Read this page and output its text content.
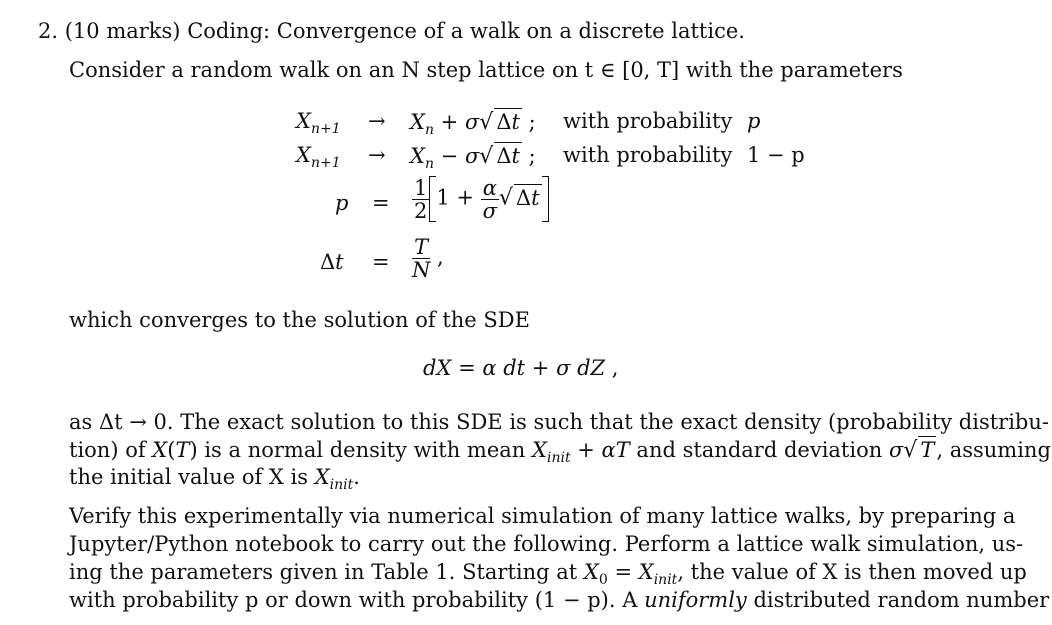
2. (10 marks) Coding: Convergence of a walk on a discrete lattice.
Consider a random walk on an N step lattice on t ∈ [0, T] with the parameters
$X_{n+1} \to X_n + \sigma√$ Δt ; with probability p
$X_{n+1} \to X_n - \sigma√$ Δt ; with probability 1 − p
$p = \frac{1}{2} 1 + \frac{\alpha}{\sigma}$ √ Δt
$\Delta t = \frac{T}{N}$ ,
which converges to the solution of the SDE
dX = α dt + σ dZ ,
as Δt → 0. The exact solution to this SDE is such that the exact density (probability distribu-
tion) of X(T) is a normal density with mean $X_{init} + \alpha T$ and standard deviation σ√ T, assuming
the initial value of X is $X_{init}$.
Verify this experimentally via numerical simulation of many lattice walks, by preparing a
Jupyter/Python notebook to carry out the following. Perform a lattice walk simulation, us-
ing the parameters given in Table 1. Starting at $X_0 = X_{init}$, the value of X is then moved up
with probability p or down with probability (1 − p). A uniformly distributed random number
